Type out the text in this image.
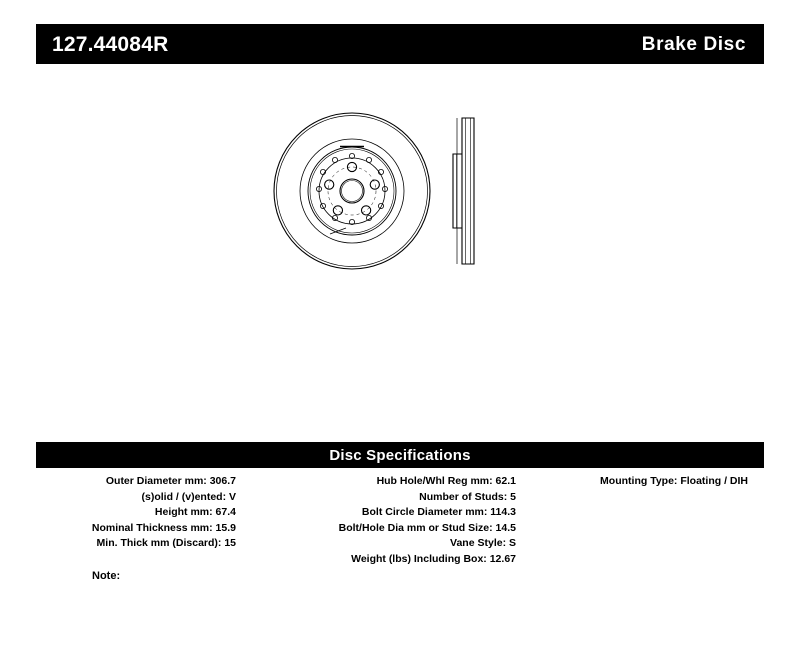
127.44084R	Brake Disc
Disc Specifications
Outer Diameter mm: 306.7
(s)olid / (v)ented: V
Height mm: 67.4
Nominal Thickness mm: 15.9
Min. Thick mm (Discard): 15
Hub Hole/Whl Reg mm: 62.1
Number of Studs: 5
Bolt Circle Diameter mm: 114.3
Bolt/Hole Dia mm or Stud Size: 14.5
Vane Style: S
Weight (lbs) Including Box: 12.67
Mounting Type: Floating / DIH
Note:
